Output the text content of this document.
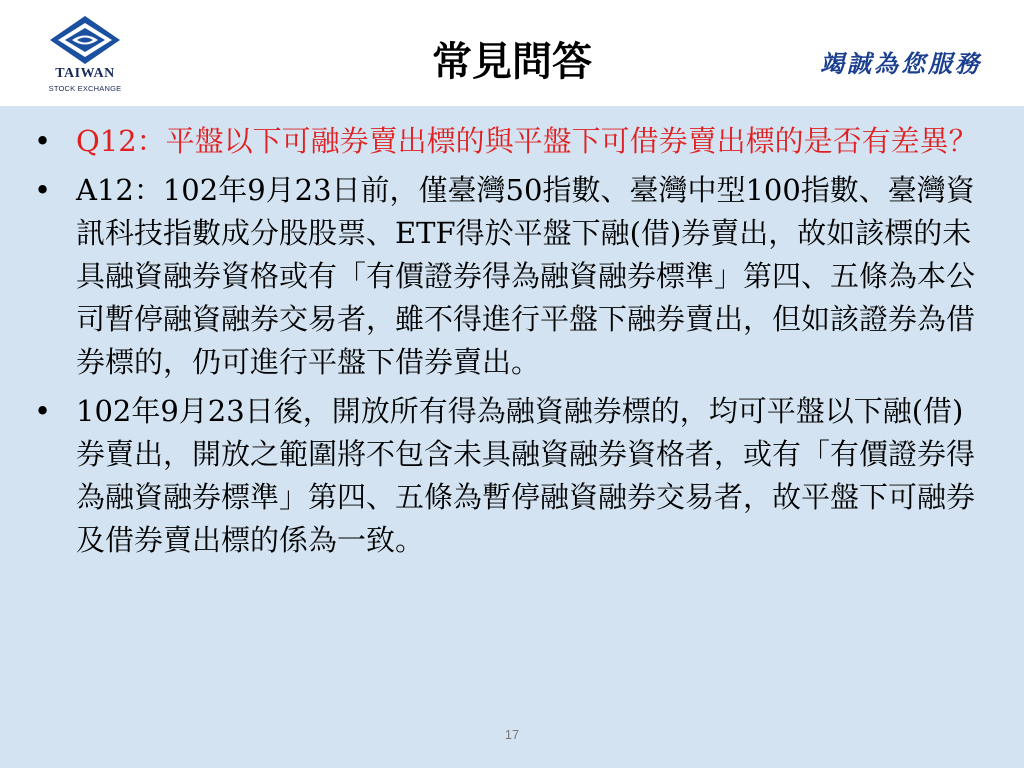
TAIWAN
STOCK EXCHANGE
常見問答	竭誠為您服務
• Q12：平盤以下可融券賣出標的與平盤下可借券賣出標的是否有差異？
• A12：102年9月23日前，僅臺灣50指數、臺灣中型100指數、臺灣資訊科技指數成分股股票、ETF得於平盤下融(借)券賣出，故如該標的未具融資融券資格或有「有價證券得為融資融券標準」第四、五條為本公司暫停融資融券交易者，雖不得進行平盤下融券賣出，但如該證券為借券標的，仍可進行平盤下借券賣出。
• 102年9月23日後，開放所有得為融資融券標的，均可平盤以下融(借)券賣出，開放之範圍將不包含未具融資融券資格者，或有「有價證券得為融資融券標準」第四、五條為暫停融資融券交易者，故平盤下可融券及借券賣出標的係為一致。
17
